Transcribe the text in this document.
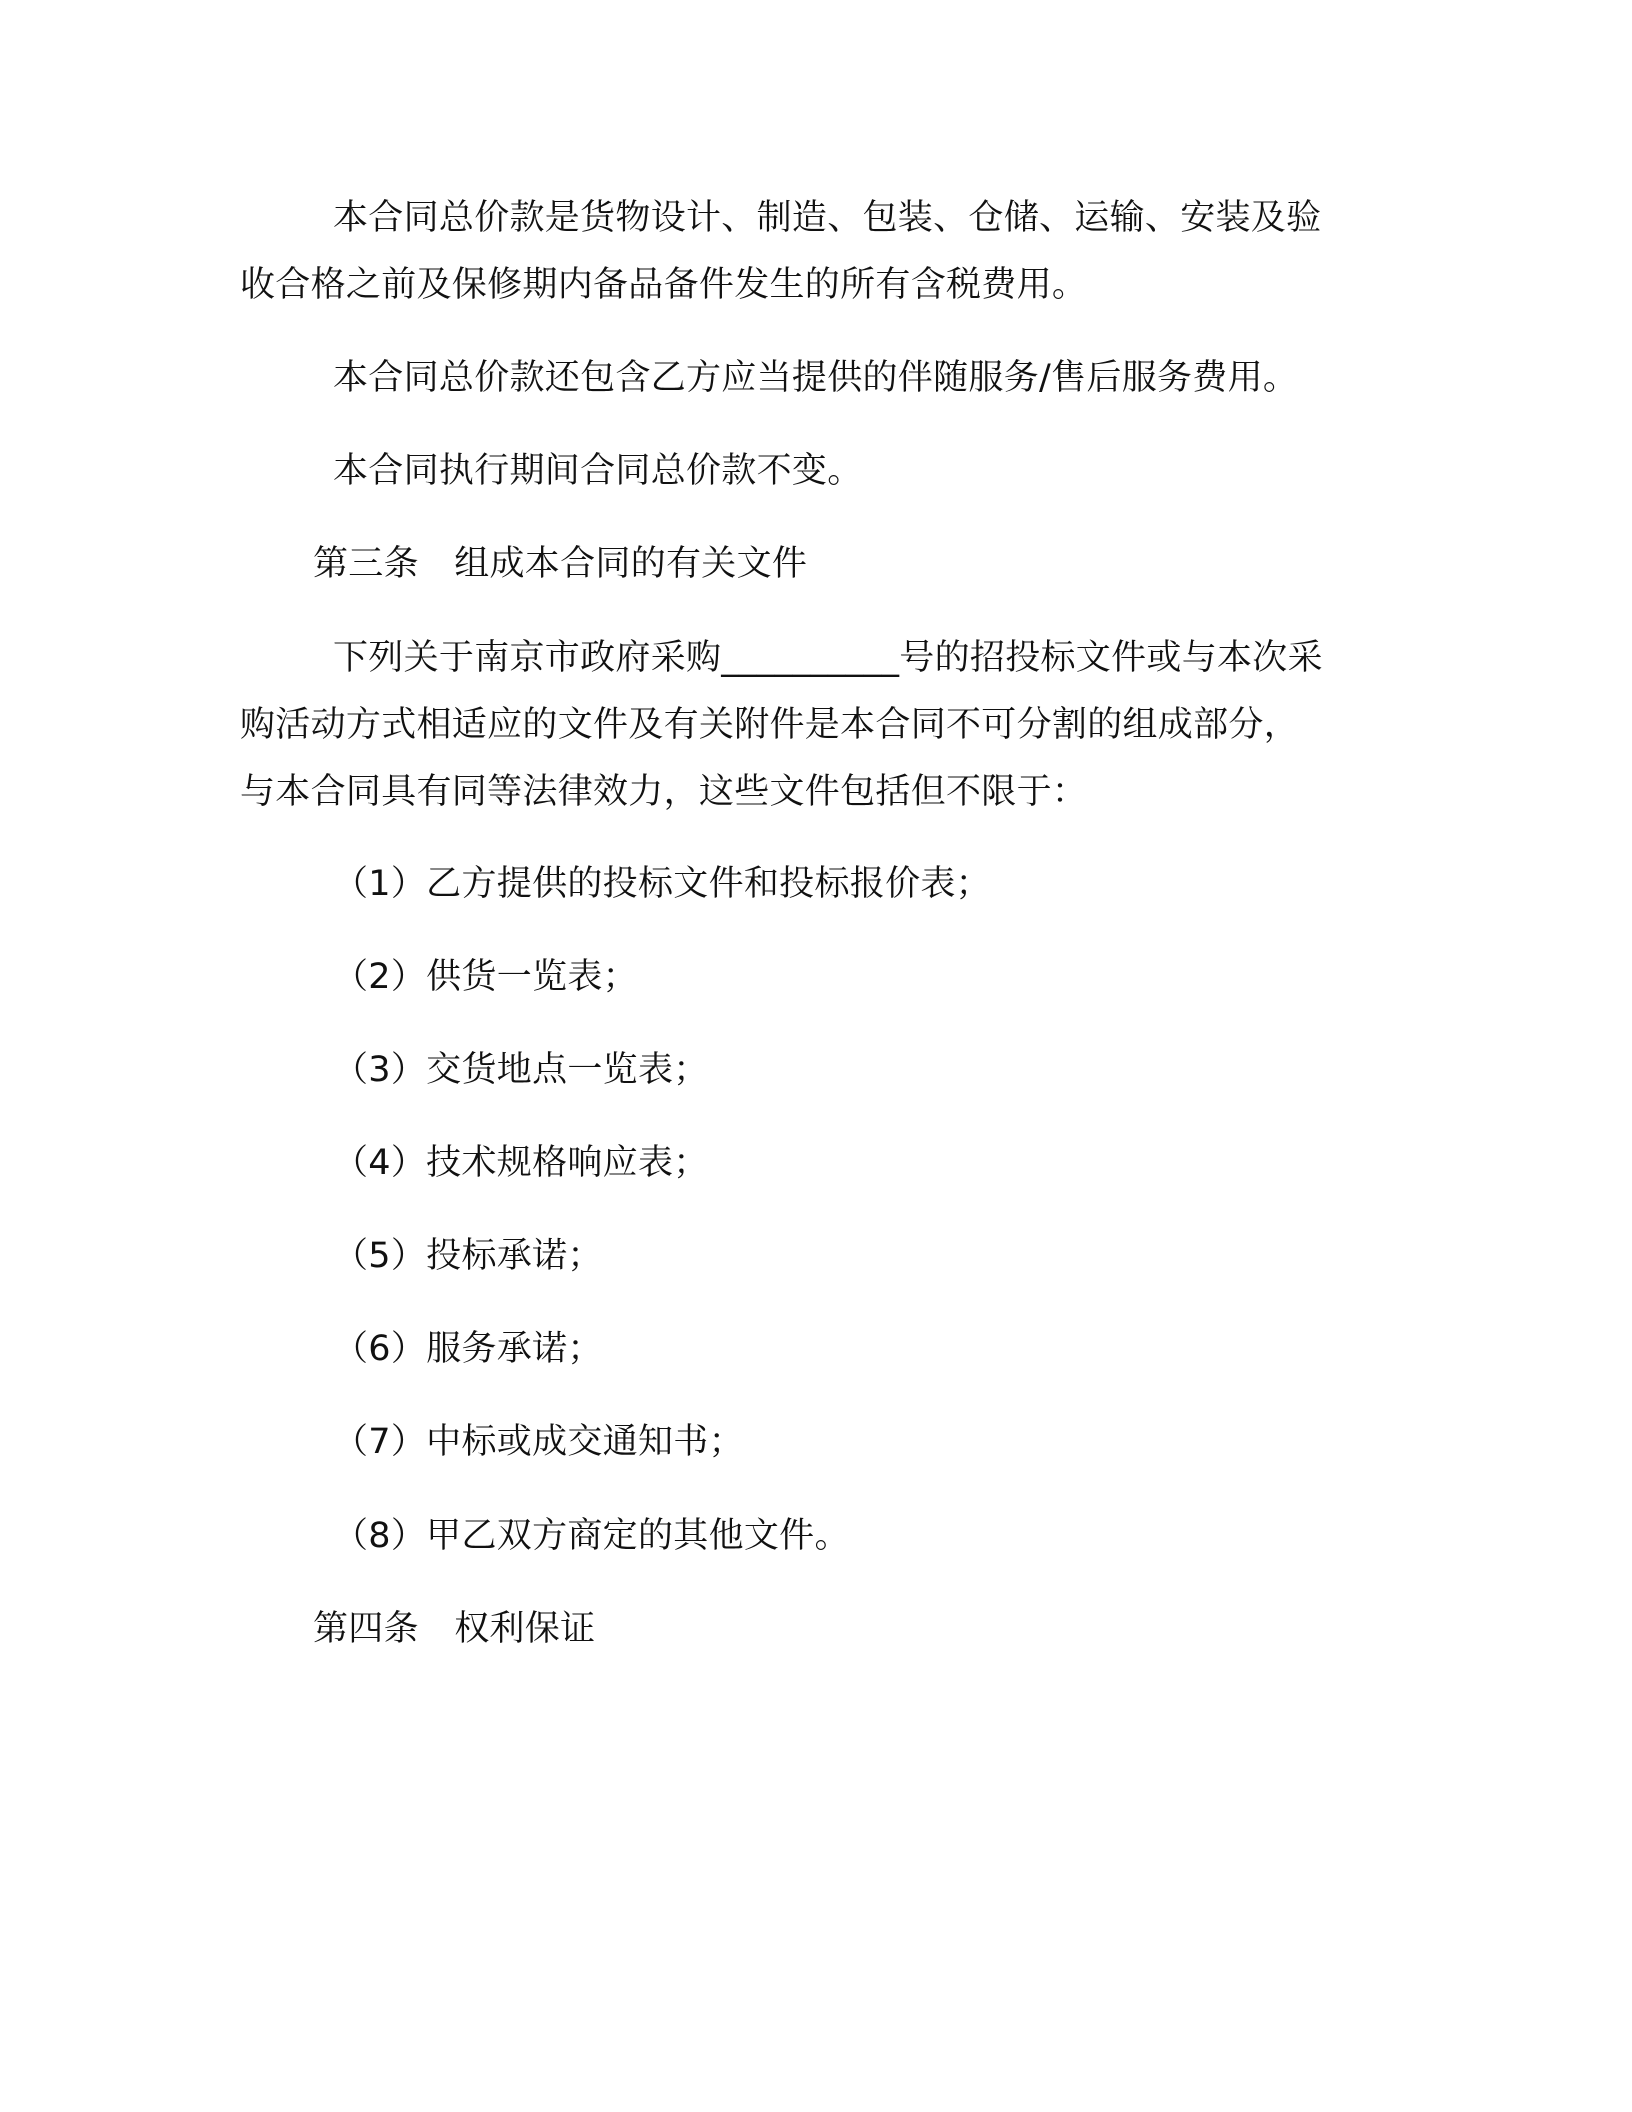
本合同总价款是货物设计、制造、包装、仓储、运输、安装及验
收合格之前及保修期内备品备件发生的所有含税费用。
本合同总价款还包含乙方应当提供的伴随服务/售后服务费用。
本合同执行期间合同总价款不变。
第三条　组成本合同的有关文件
下列关于南京市政府采购__________号的招投标文件或与本次采
购活动方式相适应的文件及有关附件是本合同不可分割的组成部分，
与本合同具有同等法律效力，这些文件包括但不限于：
（1）乙方提供的投标文件和投标报价表；
（2）供货一览表；
（3）交货地点一览表；
（4）技术规格响应表；
（5）投标承诺；
（6）服务承诺；
（7）中标或成交通知书；
（8）甲乙双方商定的其他文件。
第四条　权利保证
